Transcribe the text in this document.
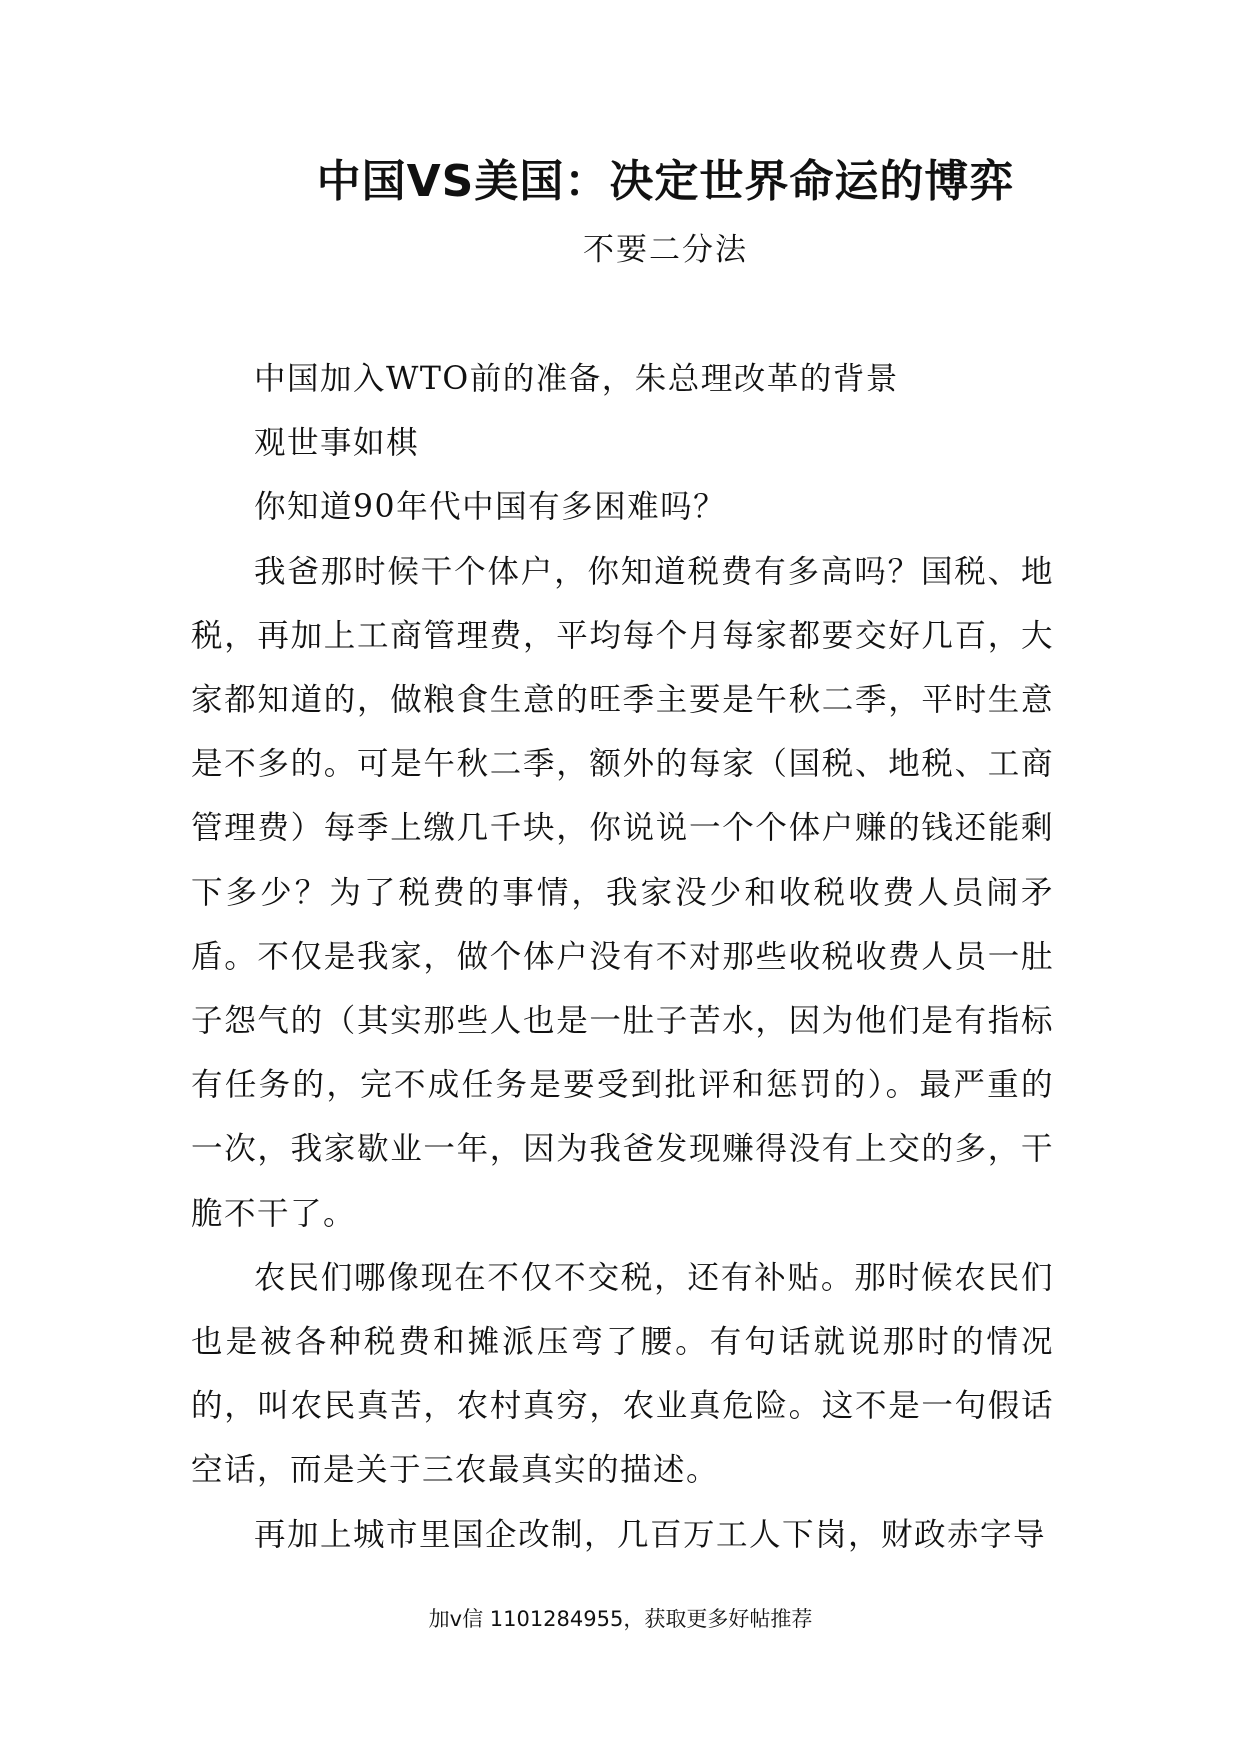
中国VS美国：决定世界命运的博弈
不要二分法

中国加入WTO前的准备，朱总理改革的背景

观世事如棋

你知道90年代中国有多困难吗？

我爸那时候干个体户，你知道税费有多高吗？国税、地税，再加上工商管理费，平均每个月每家都要交好几百，大家都知道的，做粮食生意的旺季主要是午秋二季，平时生意是不多的。可是午秋二季，额外的每家（国税、地税、工商管理费）每季上缴几千块，你说说一个个体户赚的钱还能剩下多少？为了税费的事情，我家没少和收税收费人员闹矛盾。不仅是我家，做个体户没有不对那些收税收费人员一肚子怨气的（其实那些人也是一肚子苦水，因为他们是有指标有任务的，完不成任务是要受到批评和惩罚的）。最严重的一次，我家歇业一年，因为我爸发现赚得没有上交的多，干脆不干了。

农民们哪像现在不仅不交税，还有补贴。那时候农民们也是被各种税费和摊派压弯了腰。有句话就说那时的情况的，叫农民真苦，农村真穷，农业真危险。这不是一句假话空话，而是关于三农最真实的描述。

再加上城市里国企改制，几百万工人下岗，财政赤字导

加v信 1101284955，获取更多好帖推荐
